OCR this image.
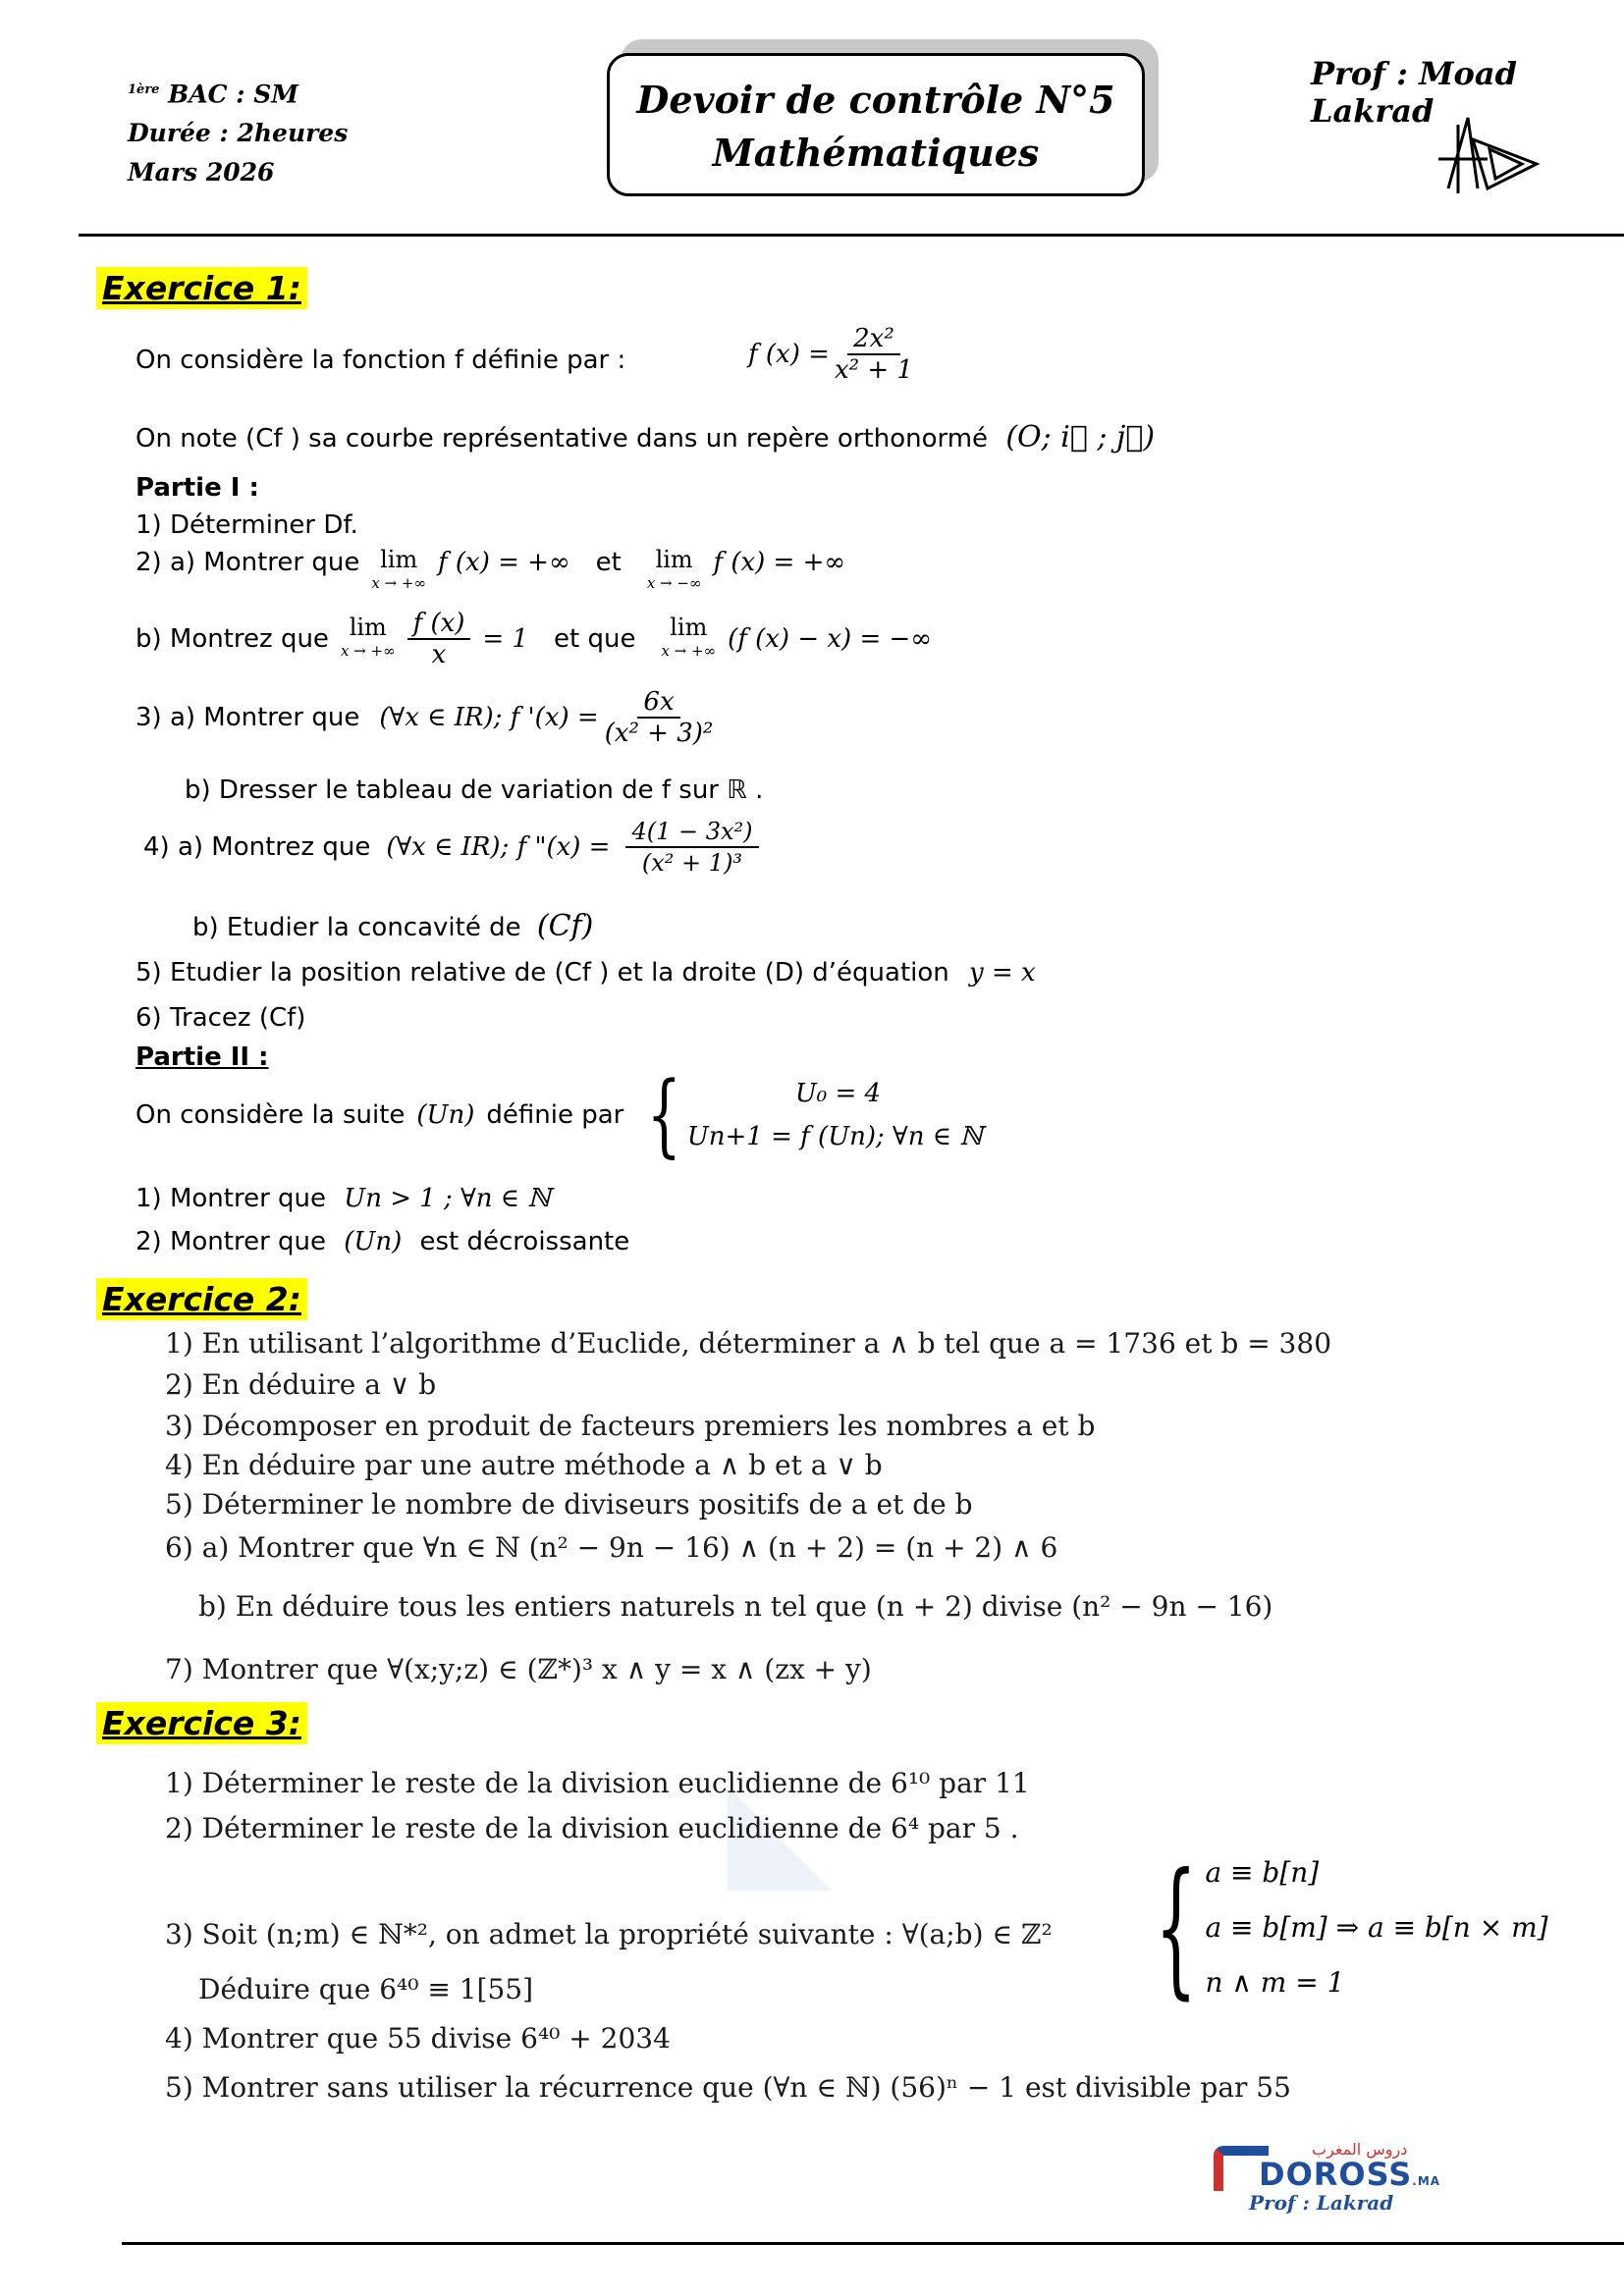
$^{1ère}$ BAC : SM
Durée : 2heures
Mars 2026
Devoir de contrôle N°5
Mathématiques
Prof : Moad Lakrad
◣
Exercice 1:
On considère la fonction f définie par :	f $(x) = \frac{\text{2x²}}{\text{x² + 1}}$
On note (Cf ) sa courbe représentative dans un repère orthonormé (O; i⃗ ; j⃗)
Partie I :
1) Déterminer Df.
2) a) Montrer que lim
x → +∞
f (x) = +∞ et lim
x → −∞
f (x) = +∞
b) Montrez que lim
x → +∞ $\frac{f (x)}{x} = 1$ et que lim
x → +∞ (f (x) − x) = −∞
3) a) Montrer que (∀x ∈ IR); f '$(x) = \frac{6x}{\text{(x² + 3)²}}$
b) Dresser le tableau de variation de f sur ℝ .
4) a) Montrez que (∀x ∈ IR); f "$(x) = \frac{\text{4(1 − 3x²)}}{\text{(x² + 1)³}}$
b) Etudier la concavité de (Cf)
5) Etudier la position relative de (Cf ) et la droite (D) d’équation y = x
6) Tracez (Cf)
Partie II :
On considère la suite (Un) définie par {	U₀ = 4
Un+1 = f (Un); ∀n ∈ ℕ
1) Montrer que Un > 1 ; ∀n ∈ ℕ
2) Montrer que (Un) est décroissante
Exercice 2:
1) En utilisant l’algorithme d’Euclide, déterminer a ∧ b tel que a = 1736 et b = 380
2) En déduire a ∨ b
3) Décomposer en produit de facteurs premiers les nombres a et b
4) En déduire par une autre méthode a ∧ b et a ∨ b
5) Déterminer le nombre de diviseurs positifs de a et de b
6) a) Montrer que ∀n ∈ ℕ (n² − 9n − 16) ∧ (n + 2) = (n + 2) ∧ 6
b) En déduire tous les entiers naturels n tel que (n + 2) divise (n² − 9n − 16)
7) Montrer que ∀(x;y;z) ∈ (ℤ*)³ x ∧ y = x ∧ (zx + y)
Exercice 3:
1) Déterminer le reste de la division euclidienne de 6¹⁰ par 11
2) Déterminer le reste de la division euclidienne de 6⁴ par 5 .
3) Soit (n;m) ∈ ℕ*², on admet la propriété suivante : ∀(a;b) ∈ ℤ² { a ≡ b[n]
a ≡ b[m] ⇒ a ≡ b[n × m]
n ∧ m = 1
Déduire que 6⁴⁰ ≡ 1[55]
4) Montrer que 55 divise 6⁴⁰ + 2034
5) Montrer sans utiliser la récurrence que (∀n ∈ ℕ) (56)ⁿ − 1 est divisible par 55
دروس المغرب
DOROSS.MA
Prof : Lakrad
